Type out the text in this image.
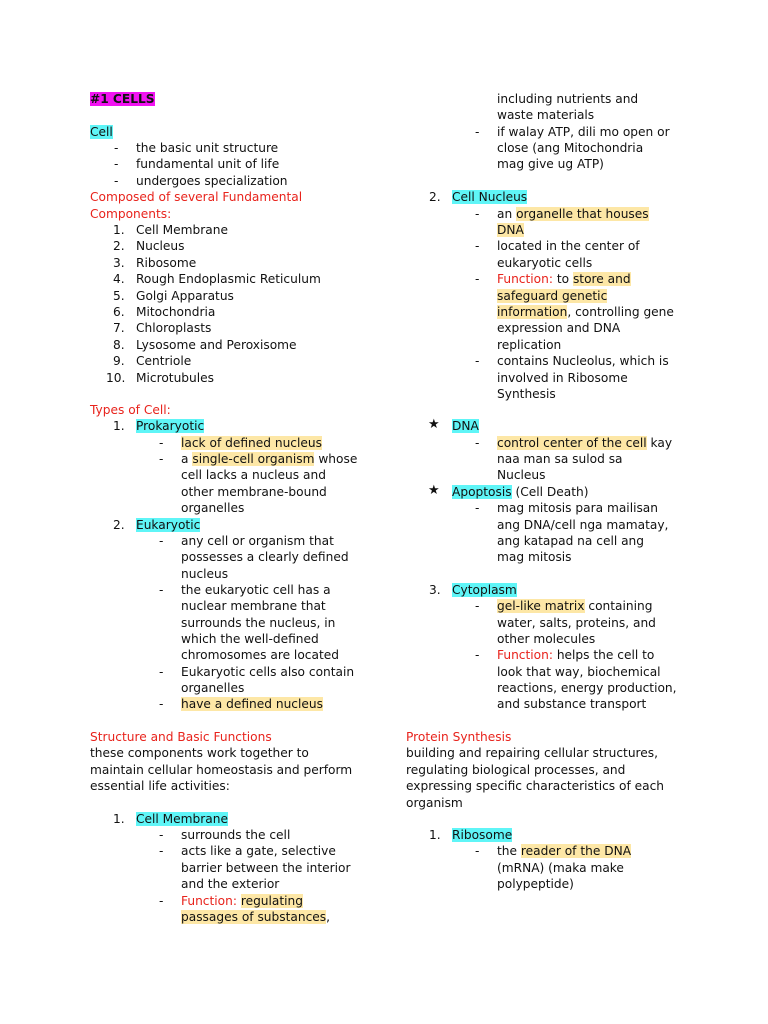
#1 CELLS
Cell
- the basic unit structure
- fundamental unit of life
- undergoes specialization
Composed of several Fundamental
Components:
1. Cell Membrane
2. Nucleus
3. Ribosome
4. Rough Endoplasmic Reticulum
5. Golgi Apparatus
6. Mitochondria
7. Chloroplasts
8. Lysosome and Peroxisome
9. Centriole
10. Microtubules
Types of Cell:
1. Prokaryotic
- lack of defined nucleus
- a single-cell organism whose
cell lacks a nucleus and
other membrane-bound
organelles
2. Eukaryotic
- any cell or organism that
possesses a clearly defined
nucleus
- the eukaryotic cell has a
nuclear membrane that
surrounds the nucleus, in
which the well-defined
chromosomes are located
- Eukaryotic cells also contain
organelles
- have a defined nucleus
Structure and Basic Functions
these components work together to
maintain cellular homeostasis and perform
essential life activities:
1. Cell Membrane
- surrounds the cell
- acts like a gate, selective
barrier between the interior
and the exterior
- Function: regulating
passages of substances,
including nutrients and
waste materials
- if walay ATP, dili mo open or
close (ang Mitochondria
mag give ug ATP)
2. Cell Nucleus
- an organelle that houses
DNA
- located in the center of
eukaryotic cells
- Function: to store and
safeguard genetic
information, controlling gene
expression and DNA
replication
- contains Nucleolus, which is
involved in Ribosome
Synthesis
★ DNA
- control center of the cell kay
naa man sa sulod sa
Nucleus
★ Apoptosis (Cell Death)
- mag mitosis para mailisan
ang DNA/cell nga mamatay,
ang katapad na cell ang
mag mitosis
3. Cytoplasm
- gel-like matrix containing
water, salts, proteins, and
other molecules
- Function: helps the cell to
look that way, biochemical
reactions, energy production,
and substance transport
Protein Synthesis
building and repairing cellular structures,
regulating biological processes, and
expressing specific characteristics of each
organism
1. Ribosome
- the reader of the DNA
(mRNA) (maka make
polypeptide)
